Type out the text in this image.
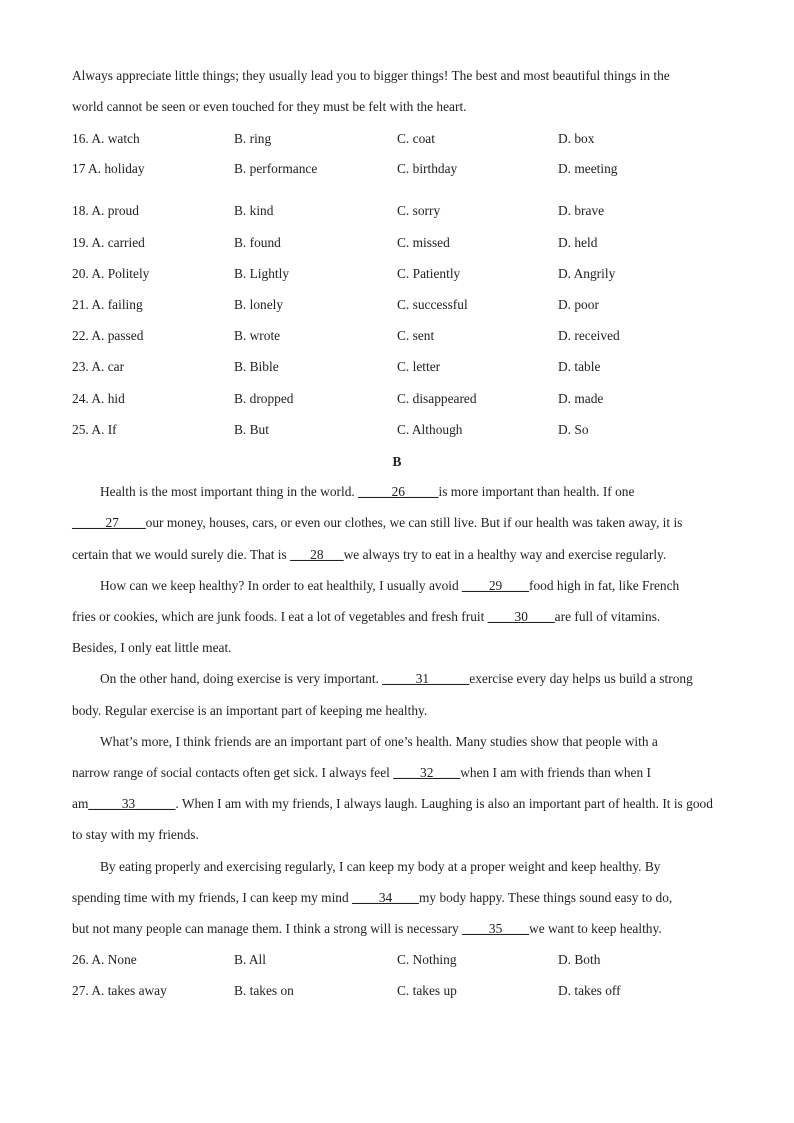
Always appreciate little things; they usually lead you to bigger things! The best and most beautiful things in the
world cannot be seen or even touched for they must be felt with the heart.
16. A. watch	B. ring	C. coat	D. box
17 A. holiday	B. performance	C. birthday	D. meeting
18. A. proud	B. kind	C. sorry	D. brave
19. A. carried	B. found	C. missed	D. held
20. A. Politely	B. Lightly	C. Patiently	D. Angrily
21. A. failing	B. lonely	C. successful	D. poor
22. A. passed	B. wrote	C. sent	D. received
23. A. car	B. Bible	C. letter	D. table
24. A. hid	B. dropped	C. disappeared	D. made
25. A. If	B. But	C. Although	D. So
B
Health is the most important thing in the world. _____26_____is more important than health. If one
_____27____our money, houses, cars, or even our clothes, we can still live. But if our health was taken away, it is
certain that we would surely die. That is ___28___we always try to eat in a healthy way and exercise regularly.
How can we keep healthy? In order to eat healthily, I usually avoid ____29____food high in fat, like French
fries or cookies, which are junk foods. I eat a lot of vegetables and fresh fruit ____30____are full of vitamins.
Besides, I only eat little meat.
On the other hand, doing exercise is very important. _____31______exercise every day helps us build a strong
body. Regular exercise is an important part of keeping me healthy.
What’s more, I think friends are an important part of one’s health. Many studies show that people with a
narrow range of social contacts often get sick. I always feel ____32____when I am with friends than when I
am_____33______. When I am with my friends, I always laugh. Laughing is also an important part of health. It is good
to stay with my friends.
By eating properly and exercising regularly, I can keep my body at a proper weight and keep healthy. By
spending time with my friends, I can keep my mind ____34____my body happy. These things sound easy to do,
but not many people can manage them. I think a strong will is necessary ____35____we want to keep healthy.
26. A. None	B. All	C. Nothing	D. Both
27. A. takes away	B. takes on	C. takes up	D. takes off
